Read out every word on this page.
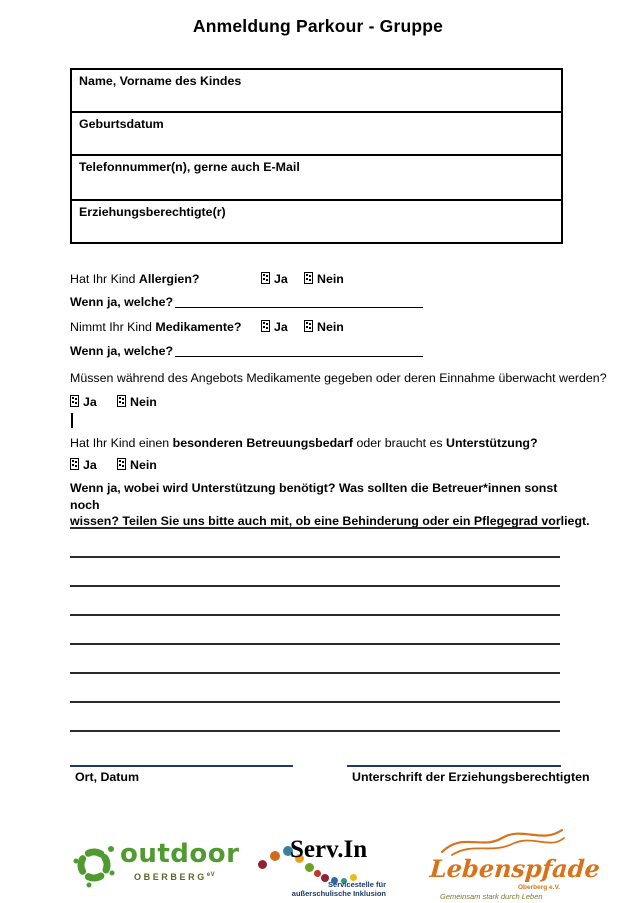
Anmeldung Parkour - Gruppe
Name, Vorname des Kindes
Geburtsdatum
Telefonnummer(n), gerne auch E-Mail
Erziehungsberechtigte(r)
Hat Ihr Kind Allergien?	Ja	Nein
Wenn ja, welche?
Nimmt Ihr Kind Medikamente?	Ja	Nein
Wenn ja, welche?
Müssen während des Angebots Medikamente gegeben oder deren Einnahme überwacht werden?
Ja	Nein
Hat Ihr Kind einen besonderen Betreuungsbedarf oder braucht es Unterstützung?
Ja	Nein
Wenn ja, wobei wird Unterstützung benötigt? Was sollten die Betreuer*innen sonst noch
wissen? Teilen Sie uns bitte auch mit, ob eine Behinderung oder ein Pflegegrad vorliegt.
Ort, Datum	Unterschrift der Erziehungsberechtigten
outdoor
$OBERBERG^{eV}$
Serv.In
Servicestelle für
außerschulische Inklusion
Lebenspfade
Oberberg e.V.
Gemeinsam stark durch Leben
